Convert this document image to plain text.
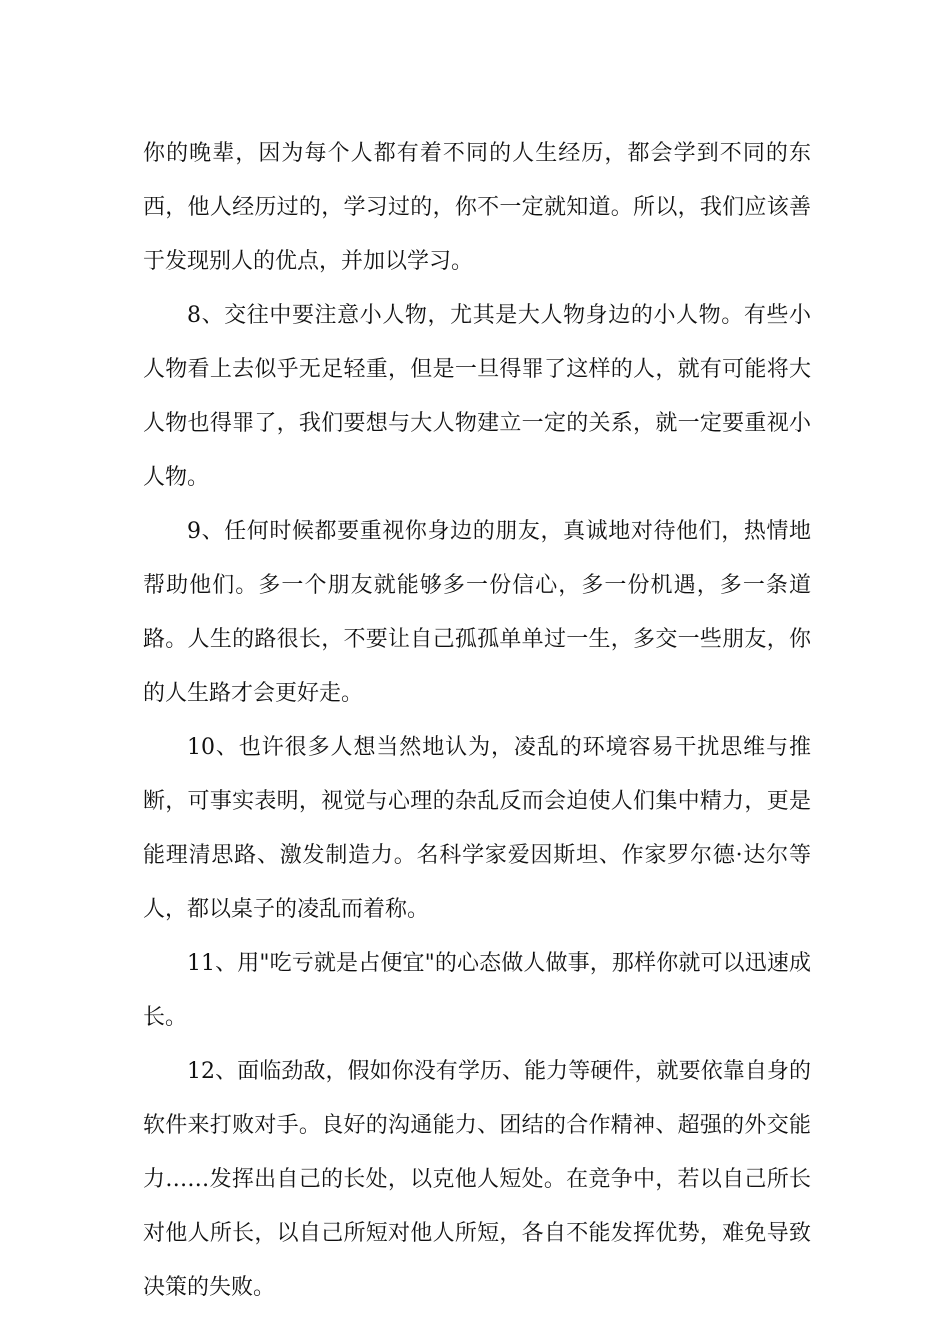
你的晚辈，因为每个人都有着不同的人生经历，都会学到不同的东西，他人经历过的，学习过的，你不一定就知道。所以，我们应该善于发现别人的优点，并加以学习。

8、交往中要注意小人物，尤其是大人物身边的小人物。有些小人物看上去似乎无足轻重，但是一旦得罪了这样的人，就有可能将大人物也得罪了，我们要想与大人物建立一定的关系，就一定要重视小人物。

9、任何时候都要重视你身边的朋友，真诚地对待他们，热情地帮助他们。多一个朋友就能够多一份信心，多一份机遇，多一条道路。人生的路很长，不要让自己孤孤单单过一生，多交一些朋友，你的人生路才会更好走。

10、也许很多人想当然地认为，凌乱的环境容易干扰思维与推断，可事实表明，视觉与心理的杂乱反而会迫使人们集中精力，更是能理清思路、激发制造力。名科学家爱因斯坦、作家罗尔德·达尔等人，都以桌子的凌乱而着称。

11、用"吃亏就是占便宜"的心态做人做事，那样你就可以迅速成长。

12、面临劲敌，假如你没有学历、能力等硬件，就要依靠自身的软件来打败对手。良好的沟通能力、团结的合作精神、超强的外交能力……发挥出自己的长处，以克他人短处。在竞争中，若以自己所长对他人所长，以自己所短对他人所短，各自不能发挥优势，难免导致决策的失败。
